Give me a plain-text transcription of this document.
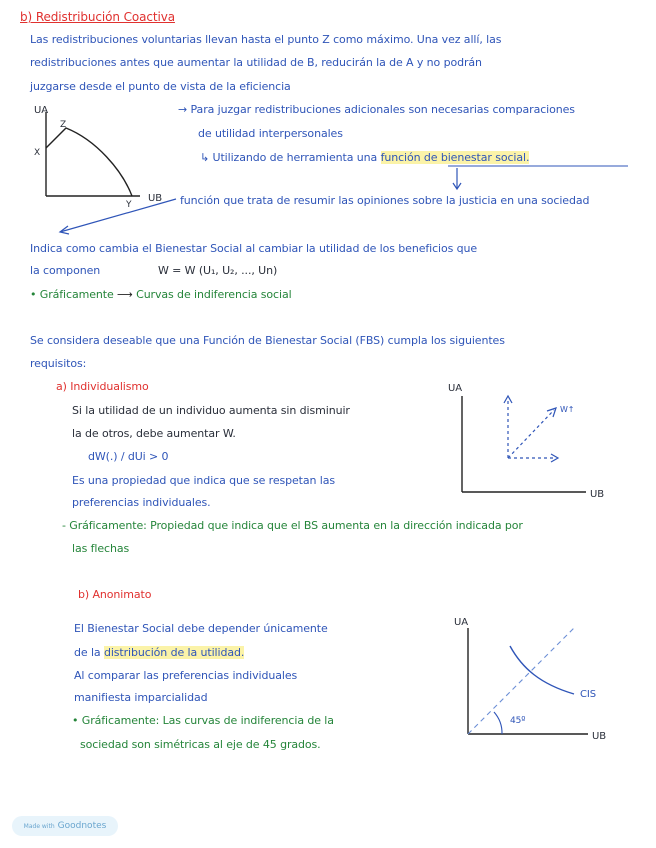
b) Redistribución Coactiva
Las redistribuciones voluntarias llevan hasta el punto Z como máximo. Una vez allí, las
redistribuciones antes que aumentar la utilidad de B, reducirán la de A y no podrán
juzgarse desde el punto de vista de la eficiencia
UA
UB
Z
X
Y
→ Para juzgar redistribuciones adicionales son necesarias comparaciones
de utilidad interpersonales
↳ Utilizando de herramienta una función de bienestar social.
función que trata de resumir las opiniones sobre la justicia en una sociedad
Indica como cambia el Bienestar Social al cambiar la utilidad de los beneficios que
la componen	W = W (U₁, U₂, ..., Un)
• Gráficamente ⟶ Curvas de indiferencia social
Se considera deseable que una Función de Bienestar Social (FBS) cumpla los siguientes
requisitos:
a) Individualismo
Si la utilidad de un individuo aumenta sin disminuir
la de otros, debe aumentar W.
dW(.) / dUi > 0
Es una propiedad que indica que se respetan las
preferencias individuales.
- Gráficamente: Propiedad que indica que el BS aumenta en la dirección indicada por
las flechas
UA
UB
W↑
b) Anonimato
El Bienestar Social debe depender únicamente
de la distribución de la utilidad.
Al comparar las preferencias individuales
manifiesta imparcialidad
• Gráficamente: Las curvas de indiferencia de la
sociedad son simétricas al eje de 45 grados.
UA
UB
CIS
45º
Made with Goodnotes
